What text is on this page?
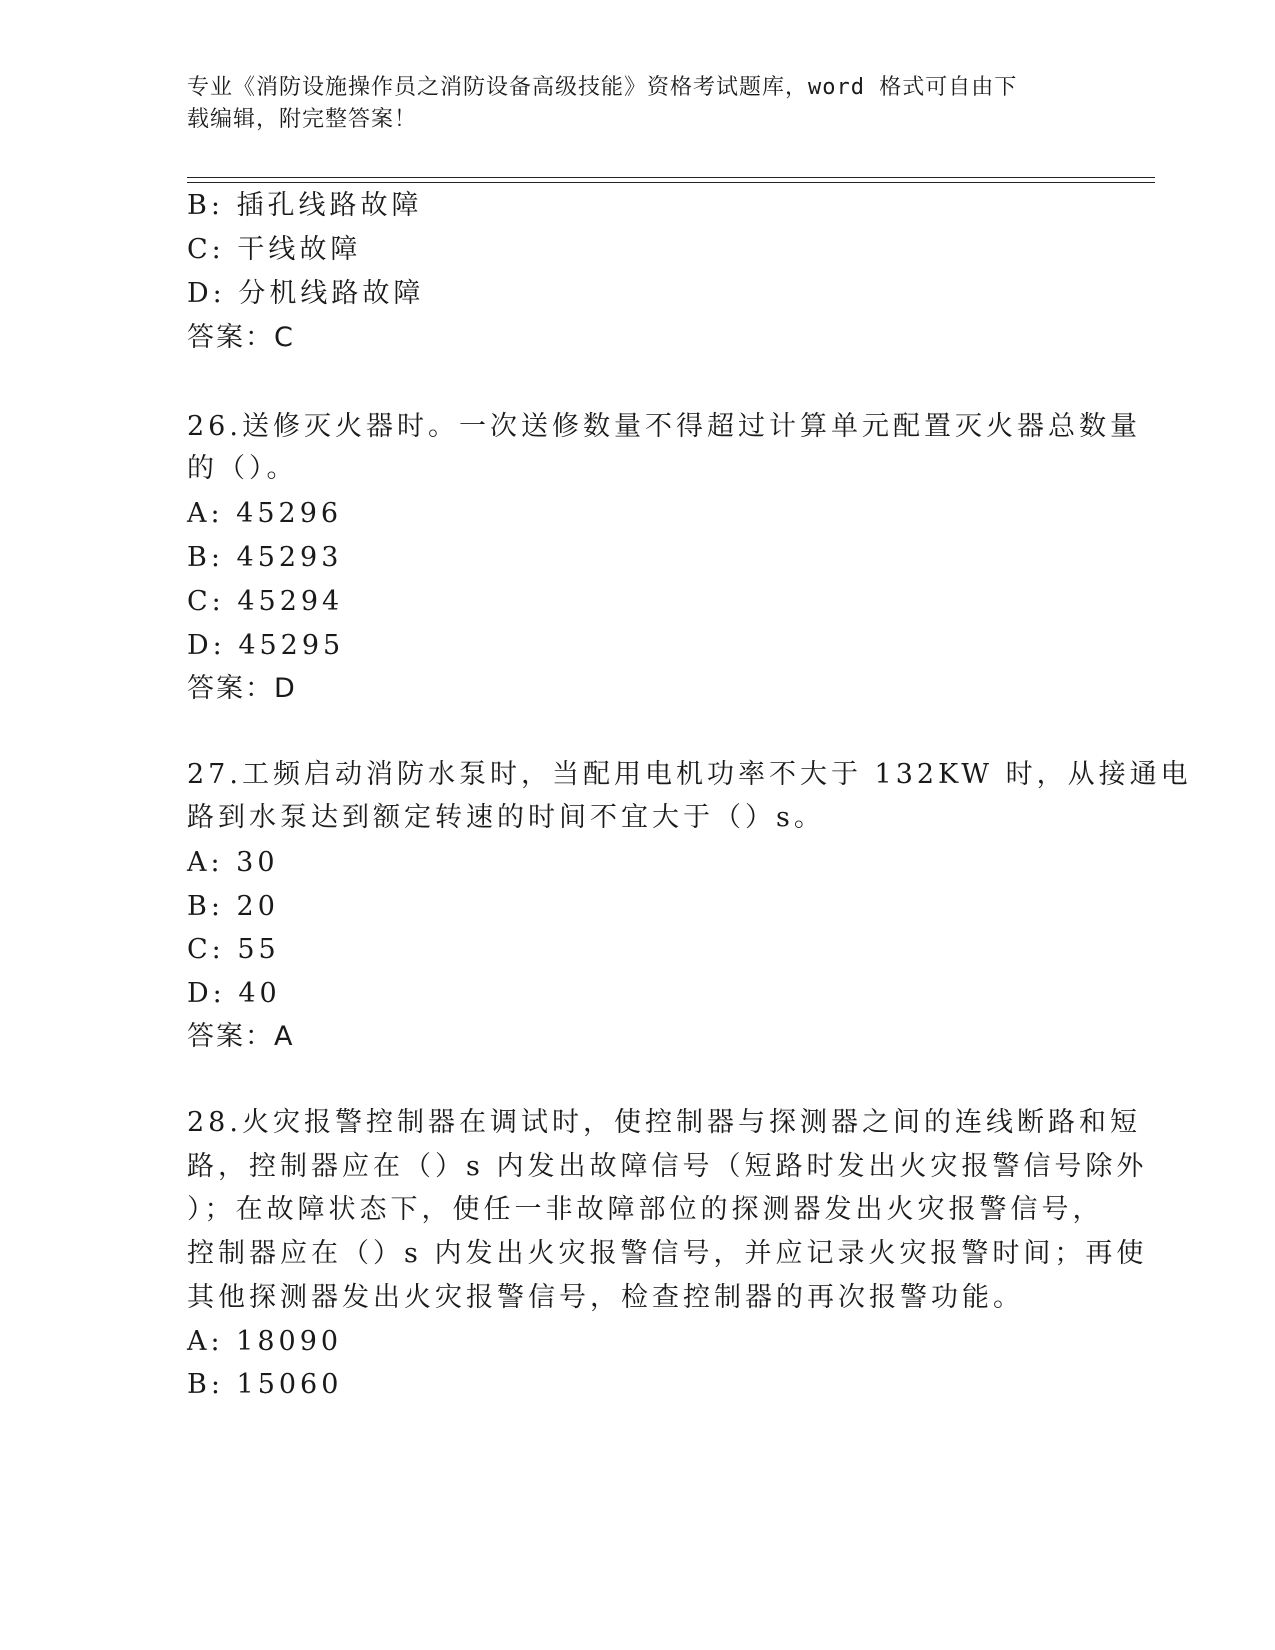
专业《消防设施操作员之消防设备高级技能》资格考试题库，word 格式可自由下
载编辑，附完整答案！
B: 插孔线路故障
C: 干线故障
D: 分机线路故障
答案：C
26.送修灭火器时。一次送修数量不得超过计算单元配置灭火器总数量
的（）。
A: 45296
B: 45293
C: 45294
D: 45295
答案：D
27.工频启动消防水泵时，当配用电机功率不大于 132KW 时，从接通电
路到水泵达到额定转速的时间不宜大于（）s。
A: 30
B: 20
C: 55
D: 40
答案：A
28.火灾报警控制器在调试时，使控制器与探测器之间的连线断路和短
路，控制器应在（）s 内发出故障信号（短路时发出火灾报警信号除外
）；在故障状态下，使任一非故障部位的探测器发出火灾报警信号，
控制器应在（）s 内发出火灾报警信号，并应记录火灾报警时间；再使
其他探测器发出火灾报警信号，检查控制器的再次报警功能。
A: 18090
B: 15060
